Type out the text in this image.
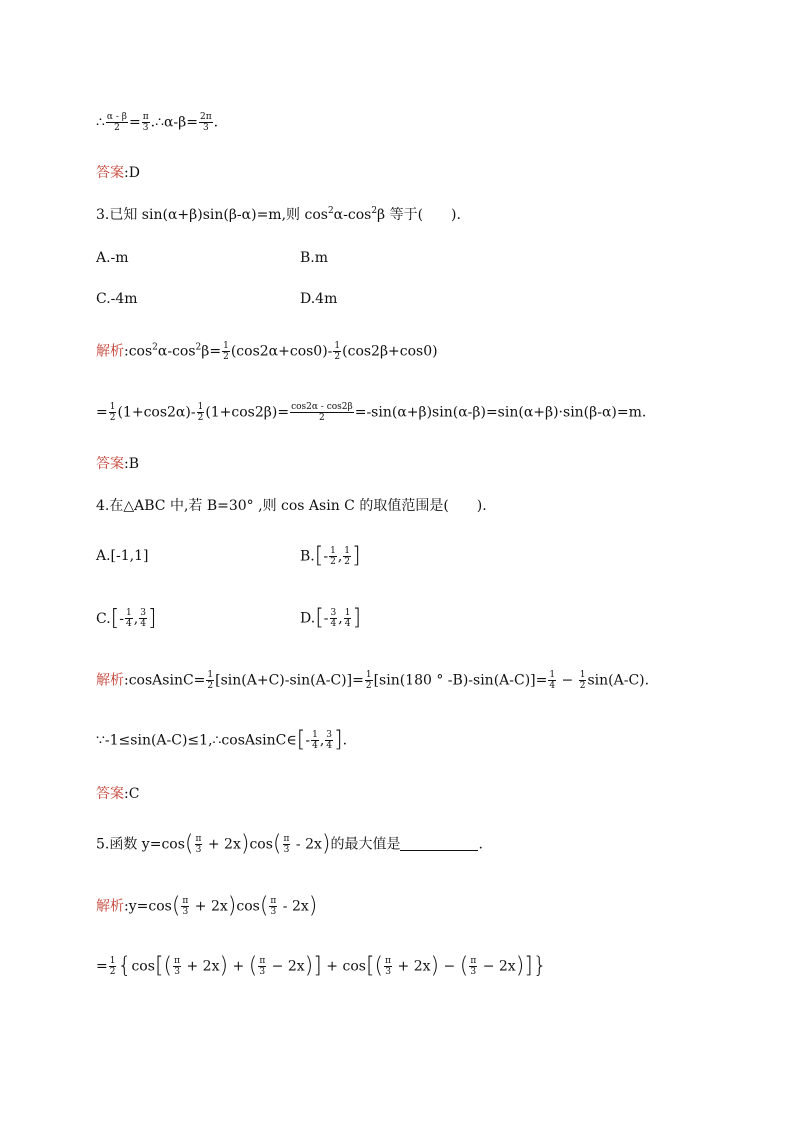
∴ $\frac{\alpha - \beta}{2} = \frac{\pi}{3}$ .∴α-β= $\frac{2\pi}{3}$ .
答案:D
3.已知 sin(α+β)sin(β-α)=m,则 $\cos^2\alpha-\cos^2\beta$ 等于(　　).
A.-m	B.m
C.-4m	D.4m
解析$:\cos^2\alpha-\cos^2\beta= \frac{1}{2} (\cos 2\alpha+\cos 0)- \frac{1}{2} (\cos 2\beta+\cos 0)$
= $\frac{1}{2} (1+\cos 2\alpha)- \frac{1}{2} (1+\cos 2\beta)= \frac{\cos 2\alpha - \cos 2\beta}{2} =-\sin(\alpha+\beta)\sin(\alpha-\beta)=\sin(\alpha+\beta)\cdot\sin(\beta-\alpha)=m$.
答案:B
4.在△ABC 中,若 B=30° ,则 cos Asin C 的取值范围是(　　).
A.[-1,1]	$B.[- \frac{1}{2}$ , $\frac{1}{2}$ ]
$C.[- \frac{1}{4}$ , $\frac{3}{4}$ ]	$D.[- \frac{3}{4}$ , $\frac{1}{4}$ ]
解析:cosAsinC= $\frac{1}{2} [\sin(A+C)-\sin(A-C)]= \frac{1}{2} [\sin(180$ ° $-B)-\sin(A-C)]= \frac{1}{4} - \frac{1}{2} \sin(A-C)$.
∵-1≤sin(A-C)≤1,∴cosAsinC∈[- $\frac{1}{4}$ , $\frac{3}{4}$ ].
答案:C
5.函数 $y=\cos( \frac{\pi}{3} + 2x)\cos( \frac{\pi}{3} - 2x)$的最大值是	.
解析:y=cos( $\frac{\pi}{3} + 2x)\cos( \frac{\pi}{3} - 2x)$
= $\frac{1}{2} \{\cos[( \frac{\pi}{3} + 2x)$ + ( $\frac{\pi}{3} - 2x)] + \cos[( \frac{\pi}{3} + 2x)$ − ( $\frac{\pi}{3} - 2x$)]}
